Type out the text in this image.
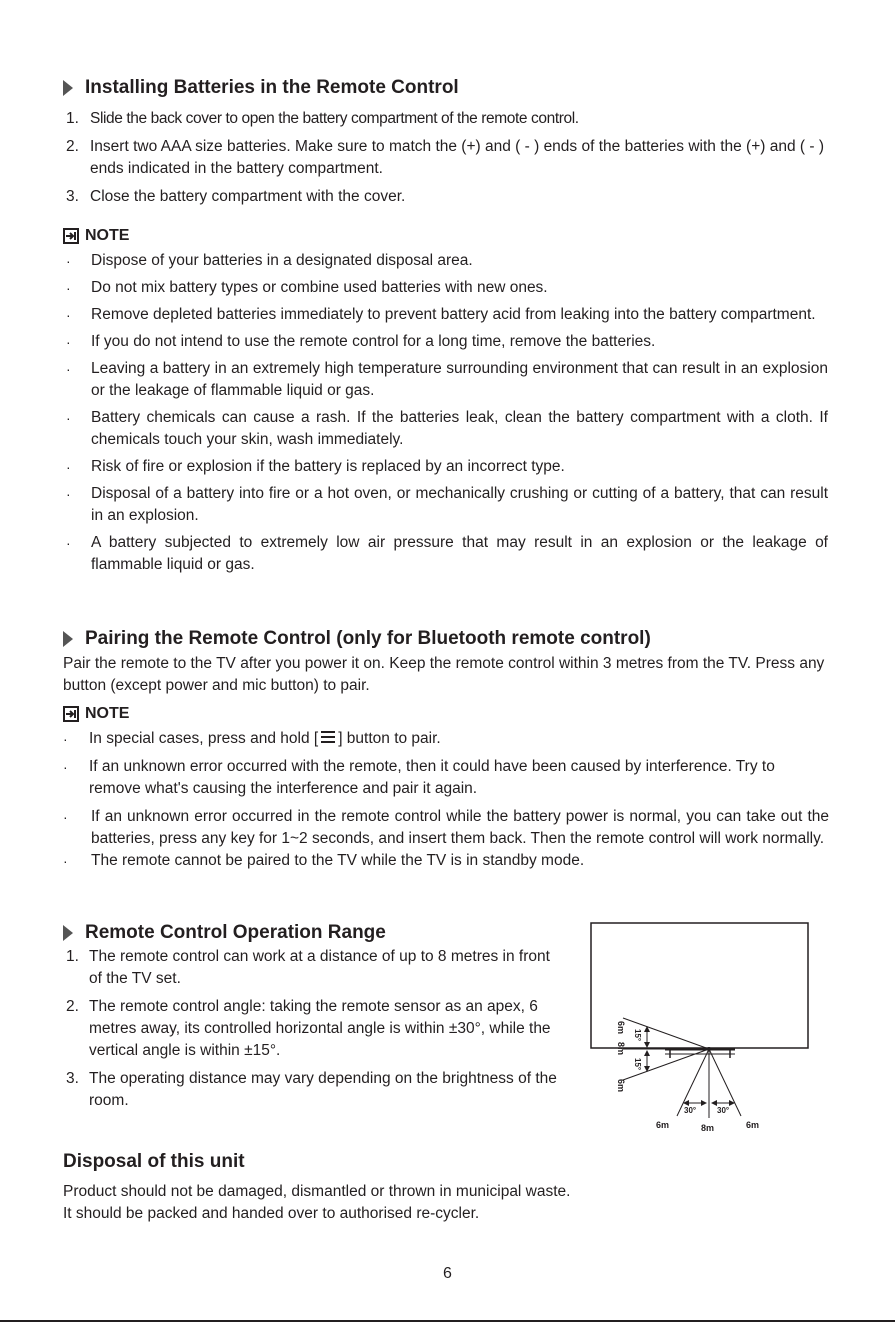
Installing Batteries in the Remote Control
1. Slide the back cover to open the battery compartment of the remote control.
2. Insert two AAA size batteries. Make sure to match the (+) and ( - ) ends of the batteries with the (+) and ( - ) ends indicated in the battery compartment.
3. Close the battery compartment with the cover.
NOTE
· Dispose of your batteries in a designated disposal area.
· Do not mix battery types or combine used batteries with new ones.
· Remove depleted batteries immediately to prevent battery acid from leaking into the battery compartment.
· If you do not intend to use the remote control for a long time, remove the batteries.
· Leaving a battery in an extremely high temperature surrounding environment that can result in an explosion or the leakage of flammable liquid or gas.
· Battery chemicals can cause a rash. If the batteries leak, clean the battery compartment with a cloth. If chemicals touch your skin, wash immediately.
· Risk of fire or explosion if the battery is replaced by an incorrect type.
· Disposal of a battery into fire or a hot oven, or mechanically crushing or cutting of a battery, that can result in an explosion.
· A battery subjected to extremely low air pressure that may result in an explosion or the leakage of flammable liquid or gas.
Pairing the Remote Control (only for Bluetooth remote control)
Pair the remote to the TV after you power it on. Keep the remote control within 3 metres from the TV. Press any button (except power and mic button) to pair.
NOTE
· In special cases, press and hold [ ] button to pair.
· If an unknown error occurred with the remote, then it could have been caused by interference. Try to remove what's causing the interference and pair it again.
· If an unknown error occurred in the remote control while the battery power is normal, you can take out the batteries, press any key for 1~2 seconds, and insert them back. Then the remote control will work normally.
· The remote cannot be paired to the TV while the TV is in standby mode.
Remote Control Operation Range
1. The remote control can work at a distance of up to 8 metres in front of the TV set.
2. The remote control angle: taking the remote sensor as an apex, 6 metres away, its controlled horizontal angle is within ±30°, while the vertical angle is within ±15°.
3. The operating distance may vary depending on the brightness of the room.
6m
8m
6m
15°
15°
6m	8m	6m
30°	30°
Disposal of this unit
Product should not be damaged, dismantled or thrown in municipal waste.
It should be packed and handed over to authorised re-cycler.
6
